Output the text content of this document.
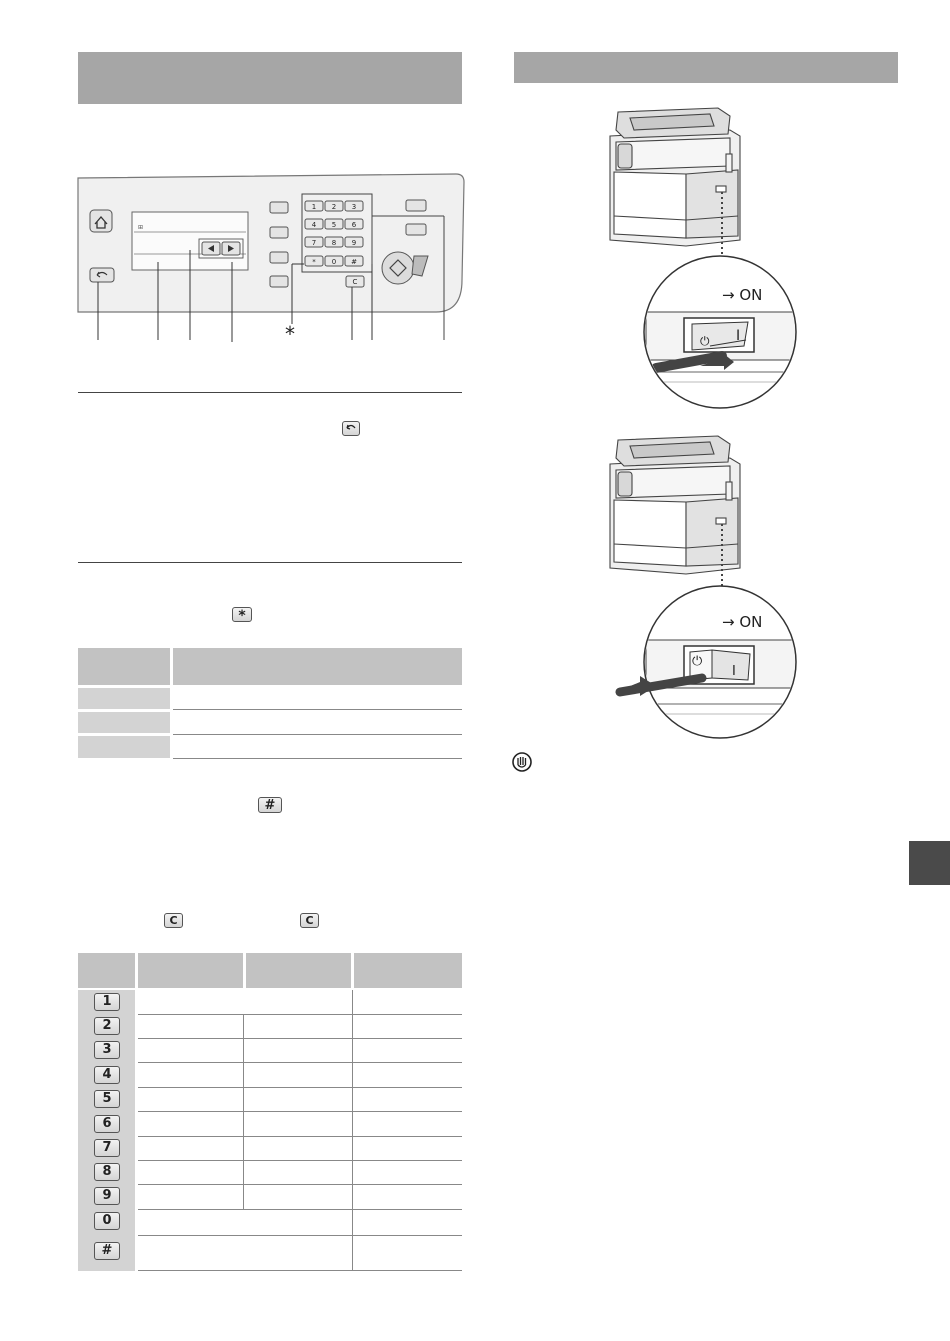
⊞
1 2 3
4 5 6
7 8 9
* 0 #
C
*
*
#
C	C
1
2
3
4
5
6
7
8
9
0
#
→ ON
I
⏻
→ ON
I
⏻
